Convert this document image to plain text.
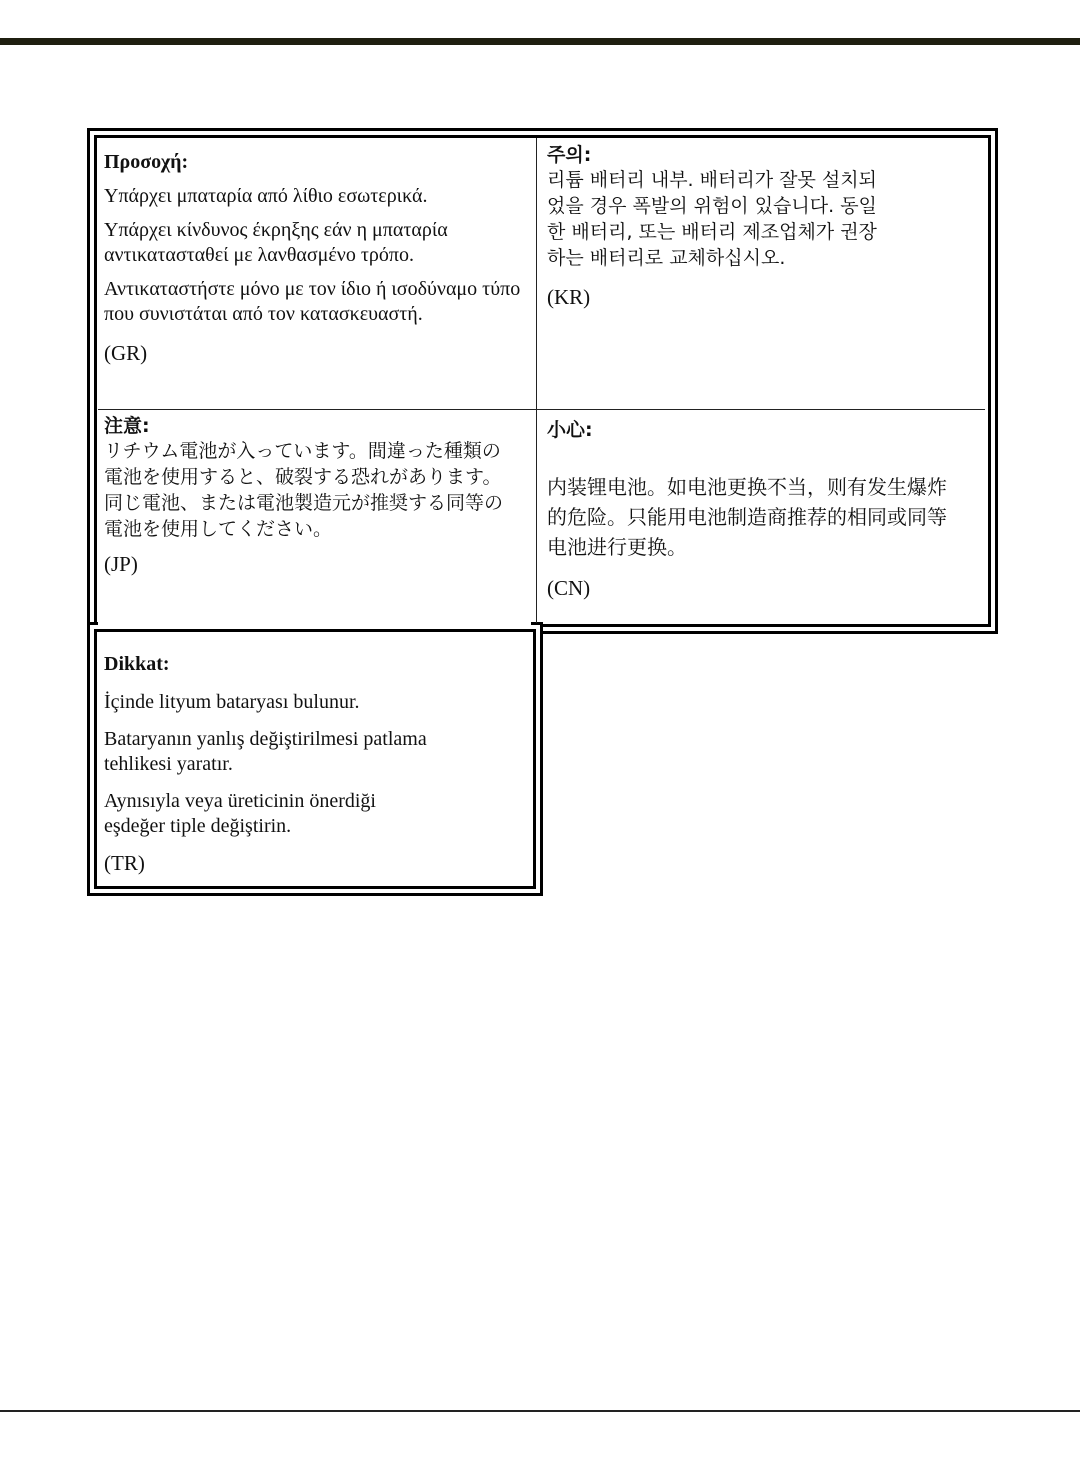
Προσοχή:
Υπάρχει μπαταρία από λίθιο εσωτερικά.
Υπάρχει κίνδυνος έκρηξης εάν η μπαταρία αντικατασταθεί με λανθασμένο τρόπο.
Αντικαταστήστε μόνο με τον ίδιο ή ισοδύναμο τύπο που συνιστάται από τον κατασκευαστή.
(GR)
주의:
리튬 배터리 내부. 배터리가 잘못 설치되었을 경우 폭발의 위험이 있습니다. 동일한 배터리, 또는 배터리 제조업체가 권장하는 배터리로 교체하십시오.
(KR)
注意:
リチウム電池が入っています。間違った種類の電池を使用すると、破裂する恐れがあります。同じ電池、または電池製造元が推奨する同等の電池を使用してください。
(JP)
小心:
内装锂电池。如电池更换不当，则有发生爆炸的危险。只能用电池制造商推荐的相同或同等电池进行更换。
(CN)
Dikkat:
İçinde lityum bataryası bulunur.
Bataryanın yanlış değiştirilmesi patlama tehlikesi yaratır.
Aynısıyla veya üreticinin önerdiği eşdeğer tiple değiştirin.
(TR)
